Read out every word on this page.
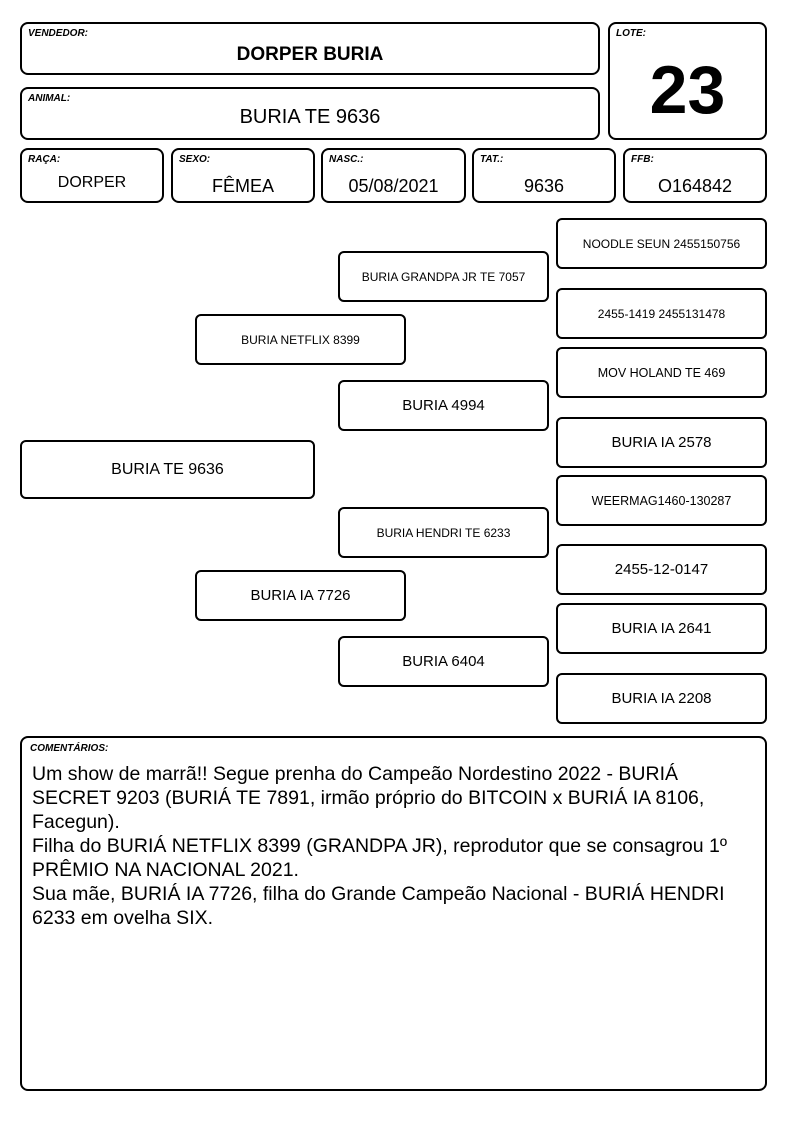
VENDEDOR:
DORPER BURIA
ANIMAL:
BURIA TE 9636
LOTE:
23
RAÇA:
DORPER
SEXO:
FÊMEA
NASC.:
05/08/2021
TAT.:
9636
FFB:
O164842
BURIA TE 9636
BURIA NETFLIX 8399
BURIA IA 7726
BURIA GRANDPA JR TE 7057
BURIA 4994
BURIA HENDRI TE 6233
BURIA 6404
NOODLE SEUN 2455150756
2455-1419 2455131478
MOV HOLAND TE 469
BURIA IA 2578
WEERMAG1460-130287
2455-12-0147
BURIA IA 2641
BURIA IA 2208
COMENTÁRIOS:

Um show de marrã!! Segue prenha do Campeão Nordestino 2022 - BURIÁ SECRET 9203 (BURIÁ TE 7891, irmão próprio do BITCOIN x BURIÁ IA 8106, Facegun).

Filha do BURIÁ NETFLIX 8399 (GRANDPA JR), reprodutor que se consagrou 1º PRÊMIO NA NACIONAL 2021.

Sua mãe, BURIÁ IA 7726, filha do Grande Campeão Nacional - BURIÁ HENDRI 6233 em ovelha SIX.
